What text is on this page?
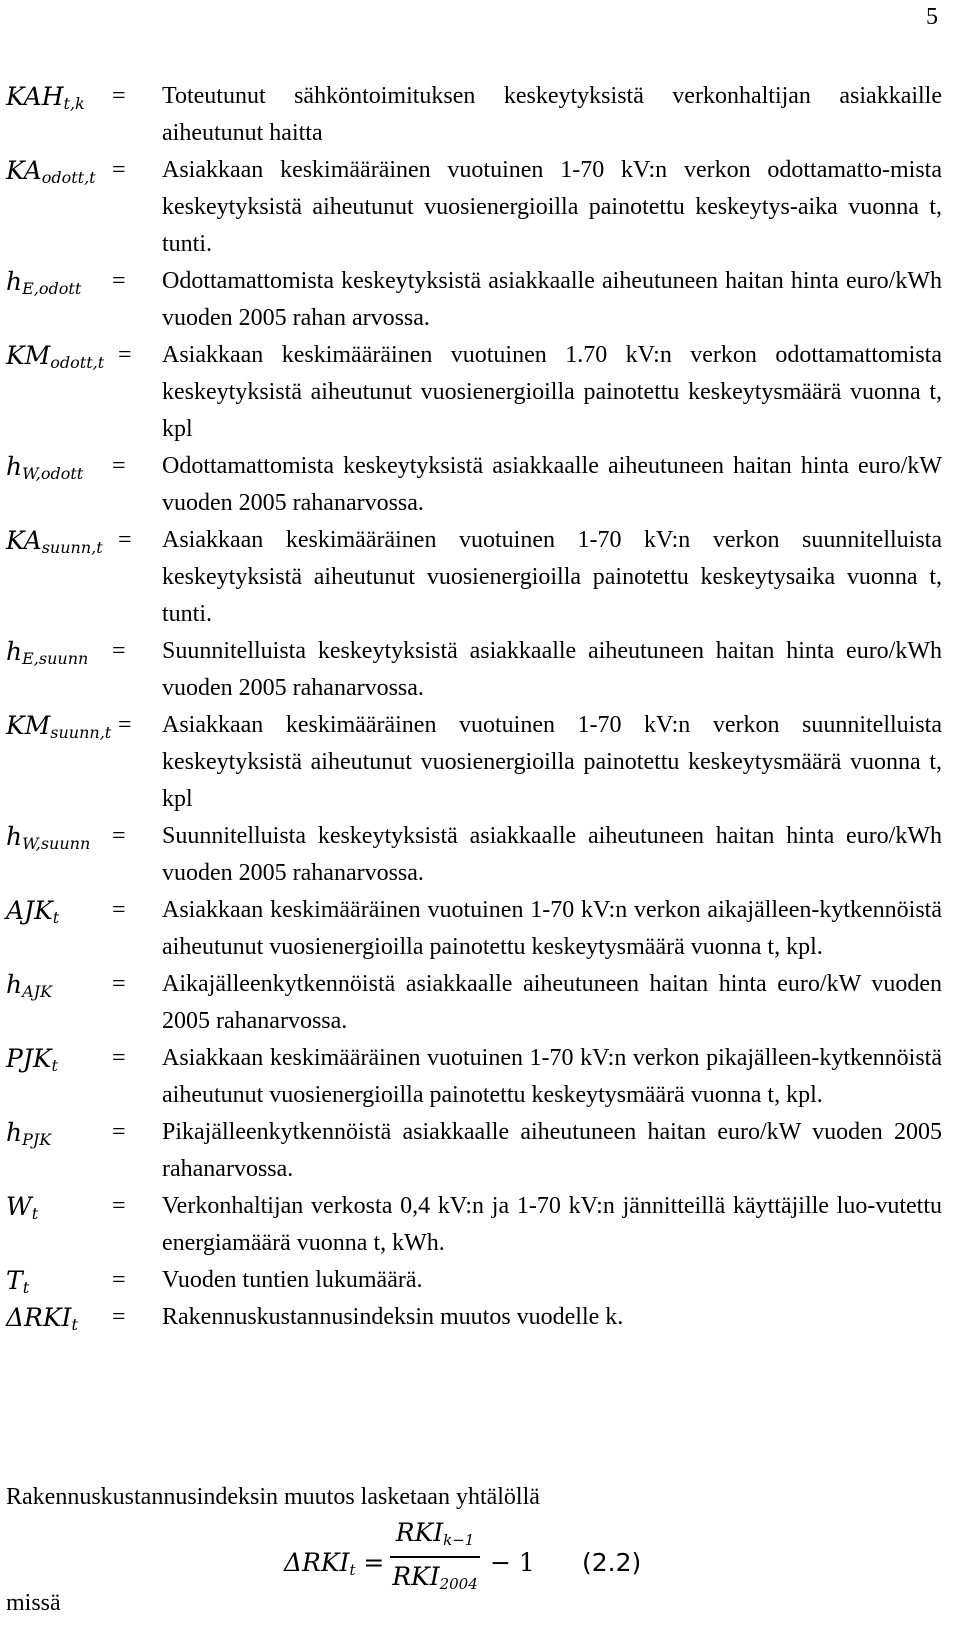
5
$KAH_{t,k}$ = Toteutunut sähköntoimituksen keskeytyksistä verkonhaltijan asiakkaille aiheutunut haitta
$KA_{odott,t}$ = Asiakkaan keskimääräinen vuotuinen 1-70 kV:n verkon odottamatto-mista keskeytyksistä aiheutunut vuosienergioilla painotettu keskeytys-aika vuonna t, tunti.
$h_{E,odott}$ = Odottamattomista keskeytyksistä asiakkaalle aiheutuneen haitan hinta euro/kWh vuoden 2005 rahan arvossa.
$KM_{odott,t}$ = Asiakkaan keskimääräinen vuotuinen 1.70 kV:n verkon odottamattomista keskeytyksistä aiheutunut vuosienergioilla painotettu keskeytysmäärä vuonna t, kpl
$h_{W,odott}$ = Odottamattomista keskeytyksistä asiakkaalle aiheutuneen haitan hinta euro/kW vuoden 2005 rahanarvossa.
$KA_{suunn,t}$ = Asiakkaan keskimääräinen vuotuinen 1-70 kV:n verkon suunnitelluista keskeytyksistä aiheutunut vuosienergioilla painotettu keskeytysaika vuonna t, tunti.
$h_{E,suunn}$ = Suunnitelluista keskeytyksistä asiakkaalle aiheutuneen haitan hinta euro/kWh vuoden 2005 rahanarvossa.
$KM_{suunn,t}$ = Asiakkaan keskimääräinen vuotuinen 1-70 kV:n verkon suunnitelluista keskeytyksistä aiheutunut vuosienergioilla painotettu keskeytysmäärä vuonna t, kpl
$h_{W,suunn}$ = Suunnitelluista keskeytyksistä asiakkaalle aiheutuneen haitan hinta euro/kWh vuoden 2005 rahanarvossa.
$AJK_t$ = Asiakkaan keskimääräinen vuotuinen 1-70 kV:n verkon aikajälleen-kytkennöistä aiheutunut vuosienergioilla painotettu keskeytysmäärä vuonna t, kpl.
$h_{AJK}$ = Aikajälleenkytkennöistä asiakkaalle aiheutuneen haitan hinta euro/kW vuoden 2005 rahanarvossa.
$PJK_t$ = Asiakkaan keskimääräinen vuotuinen 1-70 kV:n verkon pikajälleen-kytkennöistä aiheutunut vuosienergioilla painotettu keskeytysmäärä vuonna t, kpl.
$h_{PJK}$	= Pikajälleenkytkennöistä asiakkaalle aiheutuneen haitan euro/kW vuoden 2005 rahanarvossa.
$W_t$	= Verkonhaltijan verkosta 0,4 kV:n ja 1-70 kV:n jännitteillä käyttäjille luo-vutettu energiamäärä vuonna t, kWh.
$T_t$	= Vuoden tuntien lukumäärä.
$\Delta RKI_t$ = Rakennuskustannusindeksin muutos vuodelle k.
Rakennuskustannusindeksin muutos lasketaan yhtälöllä
$\Delta RKI_t$ =
$RKI_{k-1}$
$RKI_{2004}$
− 1 (2.2)
missä
